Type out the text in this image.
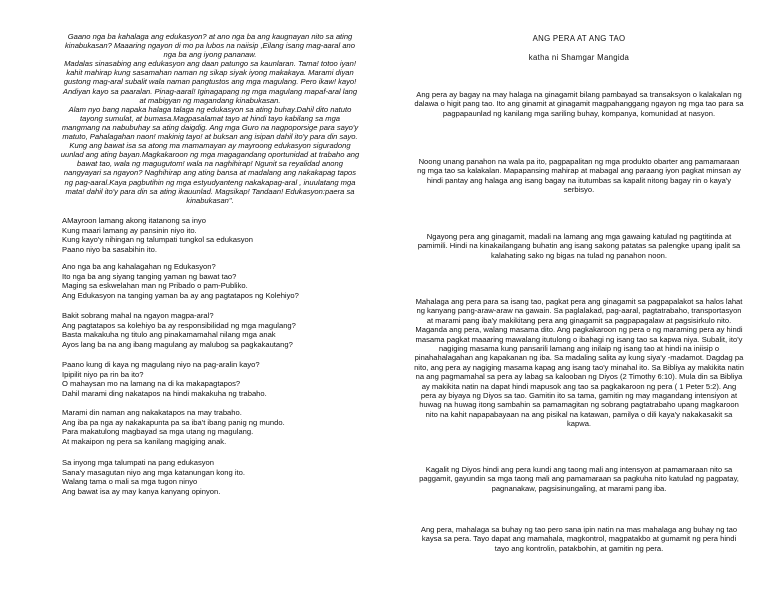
Gaano nga ba kahalaga ang edukasyon? at ano nga ba ang kaugnayan nito sa ating kinabukasan? Maaaring ngayon di mo pa lubos na naiisip ,Eilang isang mag-aaral ano nga ba ang iyong pananaw.

Madalas sinasabing ang edukasyon ang daan patungo sa kaunlaran. Tama! totoo iyan! kahit mahirap kung sasamahan naman ng sikap siyak iyong makakaya. Marami diyan gustong mag-aral subalit wala naman pangtustos ang mga magulang. Pero ikaw! kayo! Andiyan kayo sa paaralan. Pinag-aaral! Iginagapang ng mga magulang mapaf-aral lang at mabigyan ng magandang kinabukasan.

Alam nyo bang napaka halaga talaga ng edukasyon sa ating buhay.Dahil dito natuto tayong sumulat, at bumasa.Magpasalamat tayo at hindi tayo kabilang sa mga mangmang na nabubuhay sa ating daigdig. Ang mga Guro na nagpoporsige para sayo'y matuto, Pahalagahan naon! makinig tayo! at buksan ang isipan dahil ito'y para din sayo.

Kung ang bawat isa sa atong ma mamamayan ay mayroong edukasyon siguradong uunlad ang ating bayan.Magkakaroon ng mga magagandang oportunidad at trabaho ang bawat tao, wala ng magugutom! wala na naghihirap! Ngunit sa reyalidad anong nangyayari sa ngayon? Naghihirap ang ating bansa at madalang ang nakakapag tapos ng pag-aaral.Kaya pagbutihin ng mga estyudyanteng nakakapag-aral , inuulatang mga mata! dahil ito'y para din sa ating ikauunlad. Magsikap! Tandaan! Edukasyon:paera sa kinabukasan".

AMayroon lamang akong itatanong sa inyo
Kung maari lamang ay pansinin niyo ito.
Kung kayo'y nihingan ng talumpati tungkol sa edukasyon
Paano niyo ba sasabihin ito.
Ano nga ba ang kahalagahan ng Edukasyon?
Ito nga ba ang siyang tanging yaman ng bawat tao?
Maging sa eskwelahan man ng Pribado o pam-Publiko.
Ang Edukasyon na tanging yaman ba ay ang pagtatapos ng Kolehiyo?
Bakit sobrang mahal na ngayon magpa-aral?
Ang pagtatapos sa kolehiyo ba ay responsibilidad ng mga magulang?
Basta makakuha ng titulo ang pinakamamahal nilang mga anak
Ayos lang ba na ang ibang magulang ay malubog sa pagkakautang?
Paano kung di kaya ng magulang niyo na pag-aralin kayo?
Ipipilit niyo pa rin ba ito?
O mahaysan mo na lamang na di ka makapagtapos?
Dahil marami ding nakatapos na hindi makakuha ng trabaho.
Marami din naman ang nakakatapos na may trabaho.
Ang iba pa nga ay nakakapunta pa sa iba't ibang panig ng mundo.
Para makatulong magbayad sa mga utang ng magulang.
At makaipon ng pera sa kanilang magiging anak.
Sa inyong mga talumpati na pang edukasyon
Sana'y masagutan niyo ang mga katanungan kong ito.
Walang tama o mali sa mga tugon ninyo
Ang bawat isa ay may kanya kanyang opinyon.
ANG PERA AT ANG TAO
katha ni Shamgar Mangida

Ang pera ay bagay na may halaga na ginagamit bilang pambayad sa transaksyon o kalakalan ng dalawa o higit pang tao. Ito ang ginamit at ginagamit magpahanggang ngayon ng mga tao para sa pagpapaunlad ng kanilang mga sariling buhay, kompanya, komunidad at nasyon.

Noong unang panahon na wala pa ito, pagpapalitan ng mga produkto obarter ang pamamaraan ng mga tao sa kalakalan. Mapapansing mahirap at mabagal ang paraang iyon pagkat minsan ay hindi pantay ang halaga ang isang bagay na itutumbas sa kapalit nitong bagay rin o kaya'y serbisyo.

Ngayong pera ang ginagamit, madali na lamang ang mga gawaing katulad ng pagtitinda at pamimili. Hindi na kinakailangang buhatin ang isang sakong patatas sa palengke upang ipalit sa kalahating sako ng bigas na tulad ng panahon noon.

Mahalaga ang pera para sa isang tao, pagkat pera ang ginagamit sa pagpapalakot sa halos lahat ng kanyang pang-araw-araw na gawain. Sa paglalakad, pag-aaral, pagtatrabaho, transportasyon at marami pang iba'y makikitang pera ang ginagamit sa pagpapagalaw at pagsisirkulo nito. Maganda ang pera, walang masama dito. Ang pagkakaroon ng pera o ng maraming pera ay hindi masama pagkat maaaring mawalang itutulong o ibahagi ng isang tao sa kapwa niya. Subalit, ito'y nagiging masama kung pansarili lamang ang inilaip ng isang tao at hindi na iniisip o pinahahalagahan ang kapakanan ng iba. Sa madaling salita ay kung siya'y -madamot. Dagdag pa nito, ang pera ay nagiging masama kapag ang isang tao'y minahal ito. Sa Bibliya ay makikita natin na ang pagmamahal sa pera ay labag sa kalooban ng Diyos (2 Timothy 6:10). Mula din sa Bibliya ay makikita natin na dapat hindi mapusok ang tao sa pagkakaroon ng pera ( 1 Peter 5:2). Ang pera ay biyaya ng Diyos sa tao. Gamitin ito sa tama, gamitin ng may magandang intensiyon at huwag na huwag itong sambahin sa pamamagitan ng sobrang pagtatrabaho upang magkaroon nito na kahit napapabayaan na ang pisikal na katawan, pamilya o dili kaya'y nakakasakit sa kapwa.

Kagalit ng Diyos hindi ang pera kundi ang taong mali ang intensyon at pamamaraan nito sa paggamit, gayundin sa mga taong mali ang pamamaraan sa pagkuha nito katulad ng pagpatay, pagnanakaw, pagsisinungaling, at marami pang iba.

Ang pera, mahalaga sa buhay ng tao pero sana ipin natin na mas mahalaga ang buhay ng tao kaysa sa pera. Tayo dapat ang mamahala, magkontrol, magpatakbo at gumamit ng pera hindi tayo ang kontrolin, patakbohin, at gamitin ng pera.
